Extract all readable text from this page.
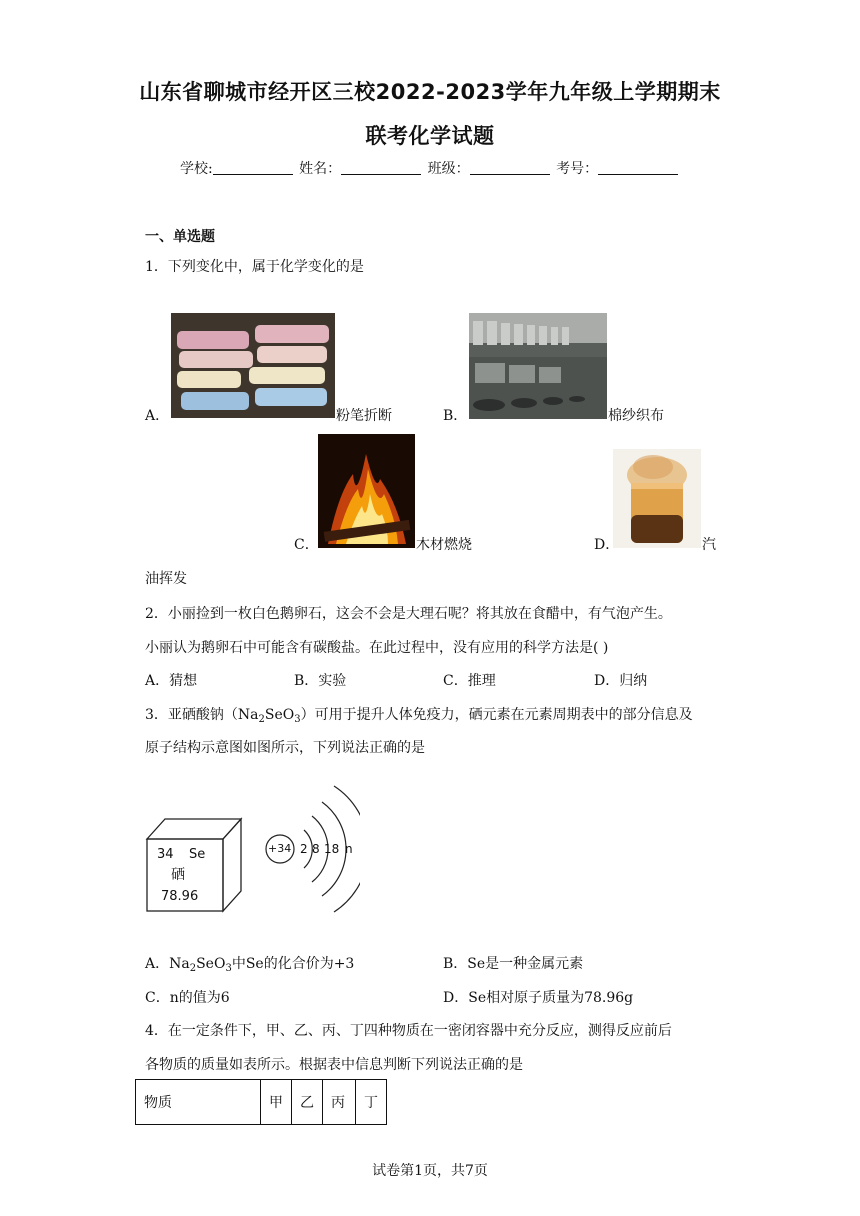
山东省聊城市经开区三校2022-2023学年九年级上学期期末
联考化学试题
学校:	姓名：	班级：	考号：
一、单选题
1．下列变化中，属于化学变化的是
A．	粉笔折断	B．	棉纱织布
C．	木材燃烧	D．	汽
油挥发
2．小丽捡到一枚白色鹅卵石，这会不会是大理石呢？将其放在食醋中，有气泡产生。
小丽认为鹅卵石中可能含有碳酸盐。在此过程中，没有应用的科学方法是( )
A．猜想	B．实验	C．推理	D．归纳
3．亚硒酸钠$(Na_2SeO_3)$可用于提升人体免疫力，硒元素在元素周期表中的部分信息及
原子结构示意图如图所示，下列说法正确的是
34 Se
硒
78.96
+34 2 8 18 n
A．$Na_2SeO_3$中Se的化合价为+3	B．Se是一种金属元素
C．n的值为6	D．Se相对原子质量为78.96g
4．在一定条件下，甲、乙、丙、丁四种物质在一密闭容器中充分反应，测得反应前后
各物质的质量如表所示。根据表中信息判断下列说法正确的是
物质	甲	乙	丙	丁
试卷第1页，共7页
